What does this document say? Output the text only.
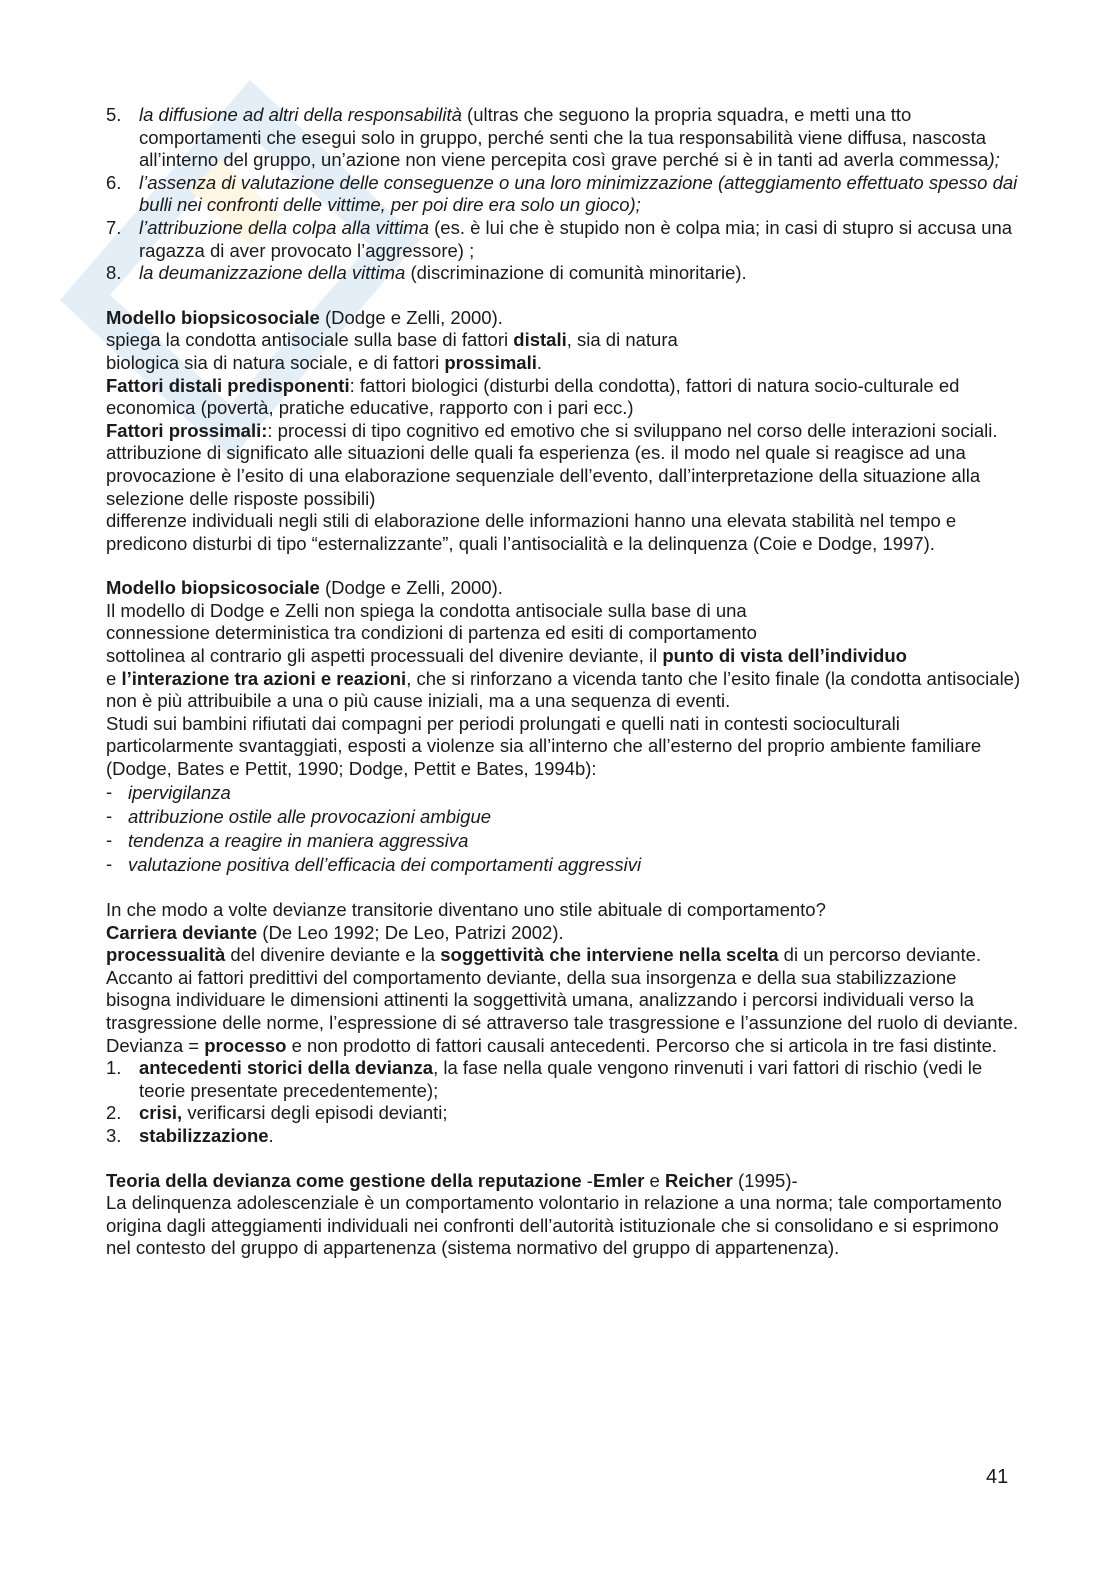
5. la diffusione ad altri della responsabilità (ultras che seguono la propria squadra, e metti una tto comportamenti che esegui solo in gruppo, perché senti che la tua responsabilità viene diffusa, nascosta all’interno del gruppo, un’azione non viene percepita così grave perché si è in tanti ad averla commessa);
6. l’assenza di valutazione delle conseguenze o una loro minimizzazione (atteggiamento effettuato spesso dai bulli nei confronti delle vittime, per poi dire era solo un gioco);
7. l’attribuzione della colpa alla vittima (es. è lui che è stupido non è colpa mia; in casi di stupro si accusa una ragazza di aver provocato l’aggressore) ;
8. la deumanizzazione della vittima (discriminazione di comunità minoritarie).

Modello biopsicosociale (Dodge e Zelli, 2000).

spiega la condotta antisociale sulla base di fattori distali, sia di natura

biologica sia di natura sociale, e di fattori prossimali.

Fattori distali predisponenti: fattori biologici (disturbi della condotta), fattori di natura socio-culturale ed economica (povertà, pratiche educative, rapporto con i pari ecc.)

Fattori prossimali:: processi di tipo cognitivo ed emotivo che si sviluppano nel corso delle interazioni sociali.

attribuzione di significato alle situazioni delle quali fa esperienza (es. il modo nel quale si reagisce ad una provocazione è l’esito di una elaborazione sequenziale dell’evento, dall’interpretazione della situazione alla selezione delle risposte possibili)

differenze individuali negli stili di elaborazione delle informazioni hanno una elevata stabilità nel tempo e predicono disturbi di tipo “esternalizzante”, quali l’antisocialità e la delinquenza (Coie e Dodge, 1997).

Modello biopsicosociale (Dodge e Zelli, 2000).

Il modello di Dodge e Zelli non spiega la condotta antisociale sulla base di una

connessione deterministica tra condizioni di partenza ed esiti di comportamento

sottolinea al contrario gli aspetti processuali del divenire deviante, il punto di vista dell’individuo

e l’interazione tra azioni e reazioni, che si rinforzano a vicenda tanto che l’esito finale (la condotta antisociale) non è più attribuibile a una o più cause iniziali, ma a una sequenza di eventi.

Studi sui bambini rifiutati dai compagni per periodi prolungati e quelli nati in contesti socioculturali particolarmente svantaggiati, esposti a violenze sia all’interno che all’esterno del proprio ambiente familiare (Dodge, Bates e Pettit, 1990; Dodge, Pettit e Bates, 1994b):

- ipervigilanza
- attribuzione ostile alle provocazioni ambigue
- tendenza a reagire in maniera aggressiva
- valutazione positiva dell’efficacia dei comportamenti aggressivi

In che modo a volte devianze transitorie diventano uno stile abituale di comportamento?

Carriera deviante (De Leo 1992; De Leo, Patrizi 2002).

processualità del divenire deviante e la soggettività che interviene nella scelta di un percorso deviante.

Accanto ai fattori predittivi del comportamento deviante, della sua insorgenza e della sua stabilizzazione bisogna individuare le dimensioni attinenti la soggettività umana, analizzando i percorsi individuali verso la trasgressione delle norme, l’espressione di sé attraverso tale trasgressione e l’assunzione del ruolo di deviante.

Devianza = processo e non prodotto di fattori causali antecedenti. Percorso che si articola in tre fasi distinte.

1. antecedenti storici della devianza, la fase nella quale vengono rinvenuti i vari fattori di rischio (vedi le teorie presentate precedentemente);
2. crisi, verificarsi degli episodi devianti;
3. stabilizzazione.

Teoria della devianza come gestione della reputazione -Emler e Reicher (1995)-

La delinquenza adolescenziale è un comportamento volontario in relazione a una norma; tale comportamento origina dagli atteggiamenti individuali nei confronti dell’autorità istituzionale che si consolidano e si esprimono nel contesto del gruppo di appartenenza (sistema normativo del gruppo di appartenenza).

41
